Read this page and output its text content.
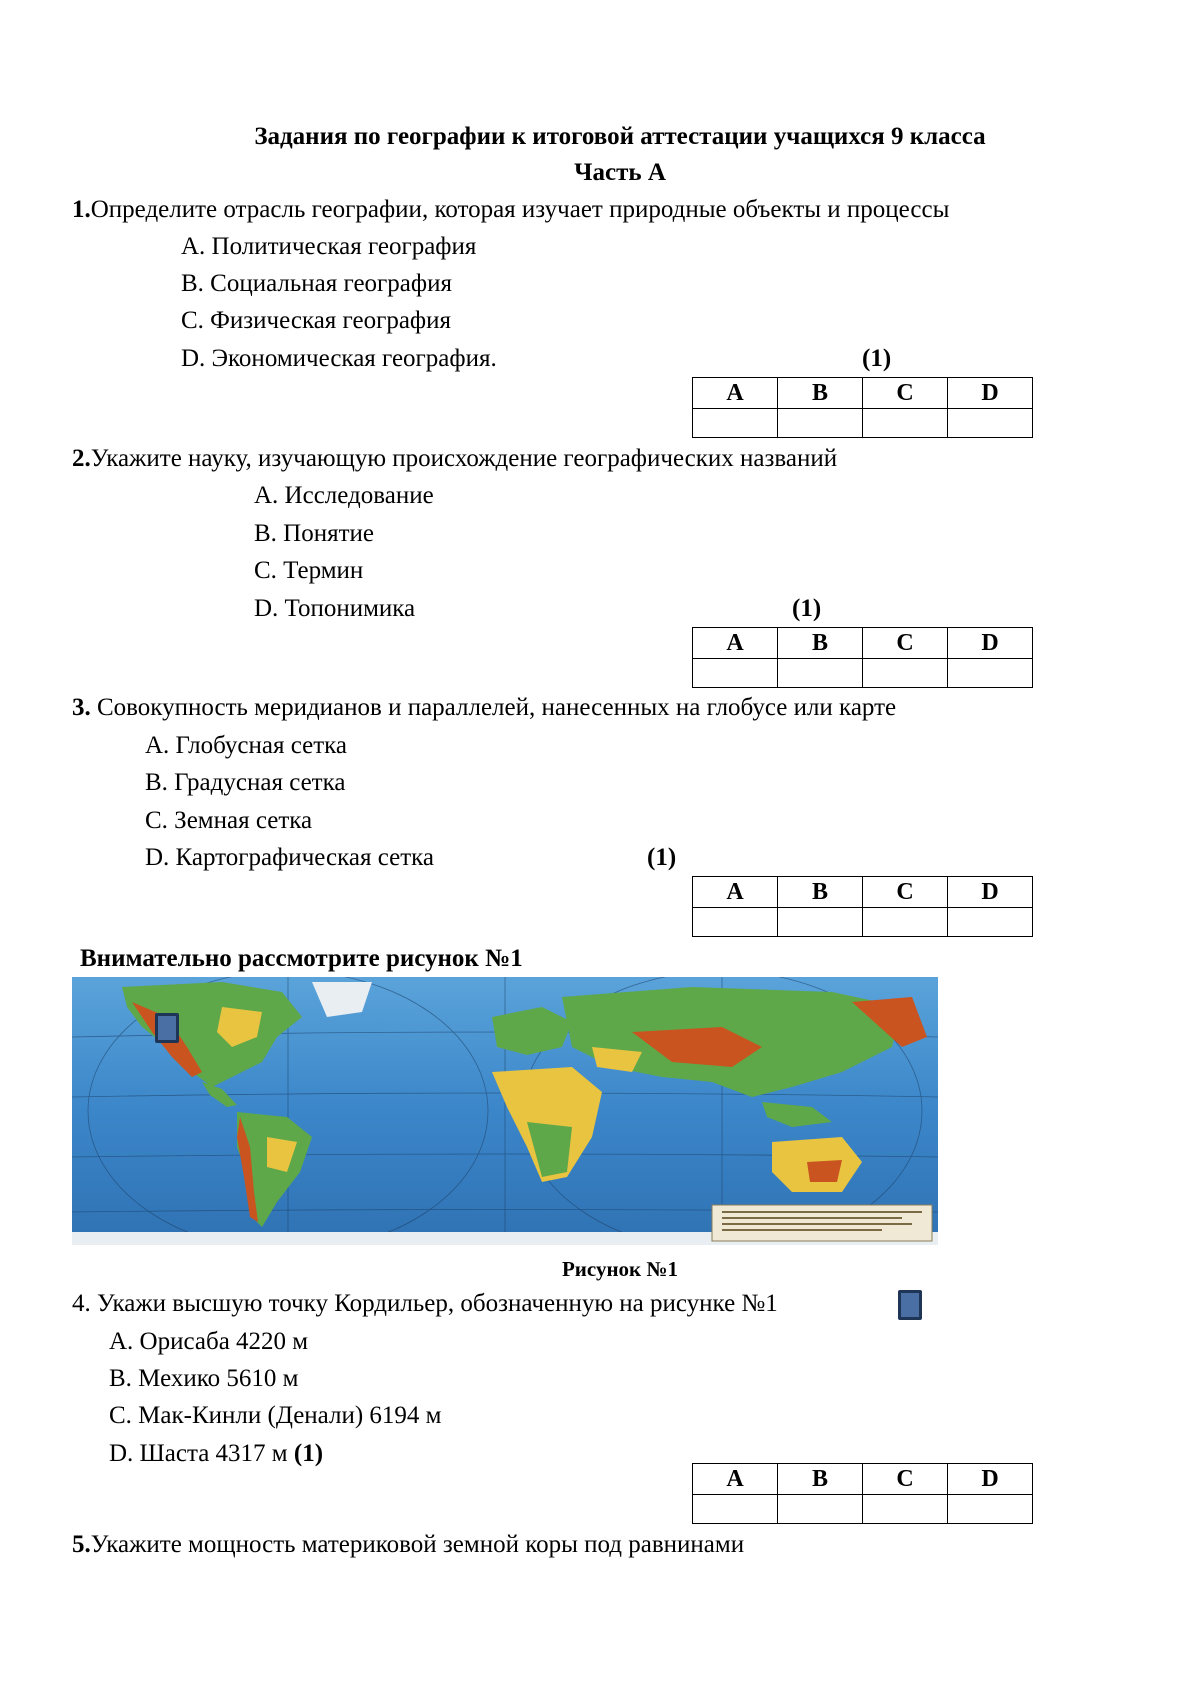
Задания по географии к итоговой аттестации учащихся 9 класса
Часть А
1.Определите отрасль географии, которая изучает природные объекты и процессы
А. Политическая география
В. Социальная география
С. Физическая география
D. Экономическая география.	(1)
A	B	C	D

2.Укажите науку, изучающую происхождение географических названий
А. Исследование
В. Понятие
С. Термин
D. Топонимика	(1)
A	B	C	D

3. Совокупность меридианов и параллелей, нанесенных на глобусе или карте
А. Глобусная сетка
В. Градусная сетка
С. Земная сетка
D. Картографическая сетка	(1)
A	B	C	D

Внимательно рассмотрите рисунок №1
Рисунок №1
4. Укажи высшую точку Кордильер, обозначенную на рисунке №1
А. Орисаба 4220 м
В. Мехико 5610 м
С. Мак-Кинли (Денали) 6194 м
D. Шаста 4317 м (1)
A	B	C	D

5.Укажите мощность материковой земной коры под равнинами
